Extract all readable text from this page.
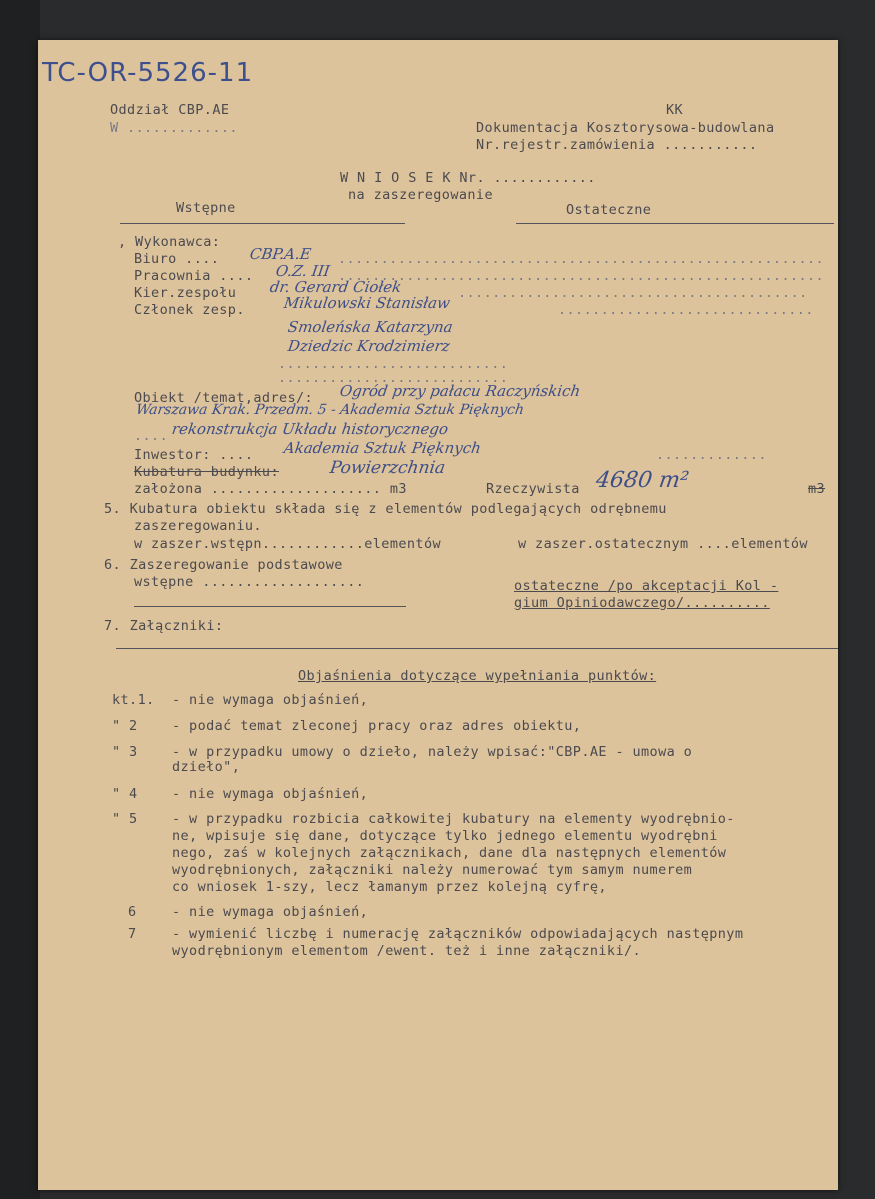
TC-OR-5526-11
Oddział CBP.AE
W .............
KK
Dokumentacja Kosztorysowa-budowlana
Nr.rejestr.zamówienia ...........
W N I O S E K Nr. ............
na zaszeregowanie
Wstępne	Ostateczne
, Wykonawca:
Biuro .... CBP.A.E .........................................................
Pracownia .... O.Z. III .........................................................
Kier.zespołu dr. Gerard Ciołek	.........................................
Członek zesp.	Mikulowski Stanisław	..............................
Smoleńska Katarzyna
Dziedzic Krodzimierz
...........................
...........................
Obiekt /temat,adres/: Ogród przy pałacu Raczyńskich
Warszawa Krak. Przedm. 5 - Akademia Sztuk Pięknych
.... rekonstrukcja Układu historycznego
Inwestor: .... Akademia Sztuk Pięknych	.............
Kubatura budynku:	Powierzchnia
założona .................... m3	Rzeczywista 4680 m²	m3
5. Kubatura obiektu składa się z elementów podlegających odrębnemu
zaszeregowaniu.
w zaszer.wstępn............elementów	w zaszer.ostatecznym ....elementów
6. Zaszeregowanie podstawowe
wstępne ...................	ostateczne /po akceptacji Kol -
gium Opiniodawczego/..........
7. Załączniki:
Objaśnienia dotyczące wypełniania punktów:
kt.1. - nie wymaga objaśnień,
" 2	- podać temat zleconej pracy oraz adres obiektu,
" 3	- w przypadku umowy o dzieło, należy wpisać:"CBP.AE - umowa o
dzieło",
" 4	- nie wymaga objaśnień,
" 5	- w przypadku rozbicia całkowitej kubatury na elementy wyodrębnio-
ne, wpisuje się dane, dotyczące tylko jednego elementu wyodrębni
nego, zaś w kolejnych załącznikach, dane dla następnych elementów
wyodrębnionych, załączniki należy numerować tym samym numerem
co wniosek 1-szy, lecz łamanym przez kolejną cyfrę,
6	- nie wymaga objaśnień,
7	- wymienić liczbę i numerację załączników odpowiadających następnym
wyodrębnionym elementom /ewent. też i inne załączniki/.
